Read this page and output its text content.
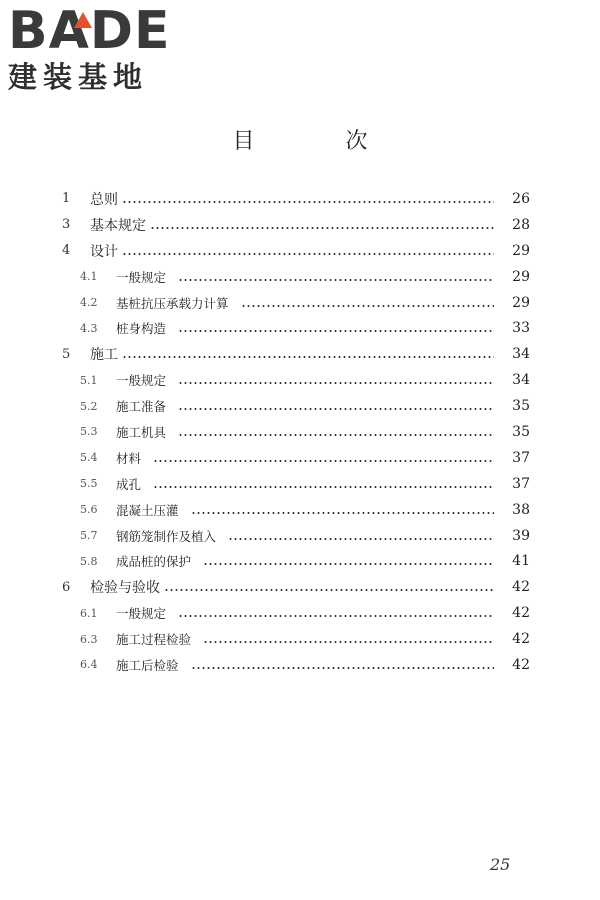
BADE
建装基地
目 次
1	总则	26
3	基本规定	28
4	设计	29
4.1	一般规定	29
4.2	基桩抗压承载力计算	29
4.3	桩身构造	33
5	施工	34
5.1	一般规定	34
5.2	施工准备	35
5.3	施工机具	35
5.4	材料	37
5.5	成孔	37
5.6	混凝土压灌	38
5.7	钢筋笼制作及植入	39
5.8	成品桩的保护	41
6	检验与验收	42
6.1	一般规定	42
6.3	施工过程检验	42
6.4	施工后检验	42
25
